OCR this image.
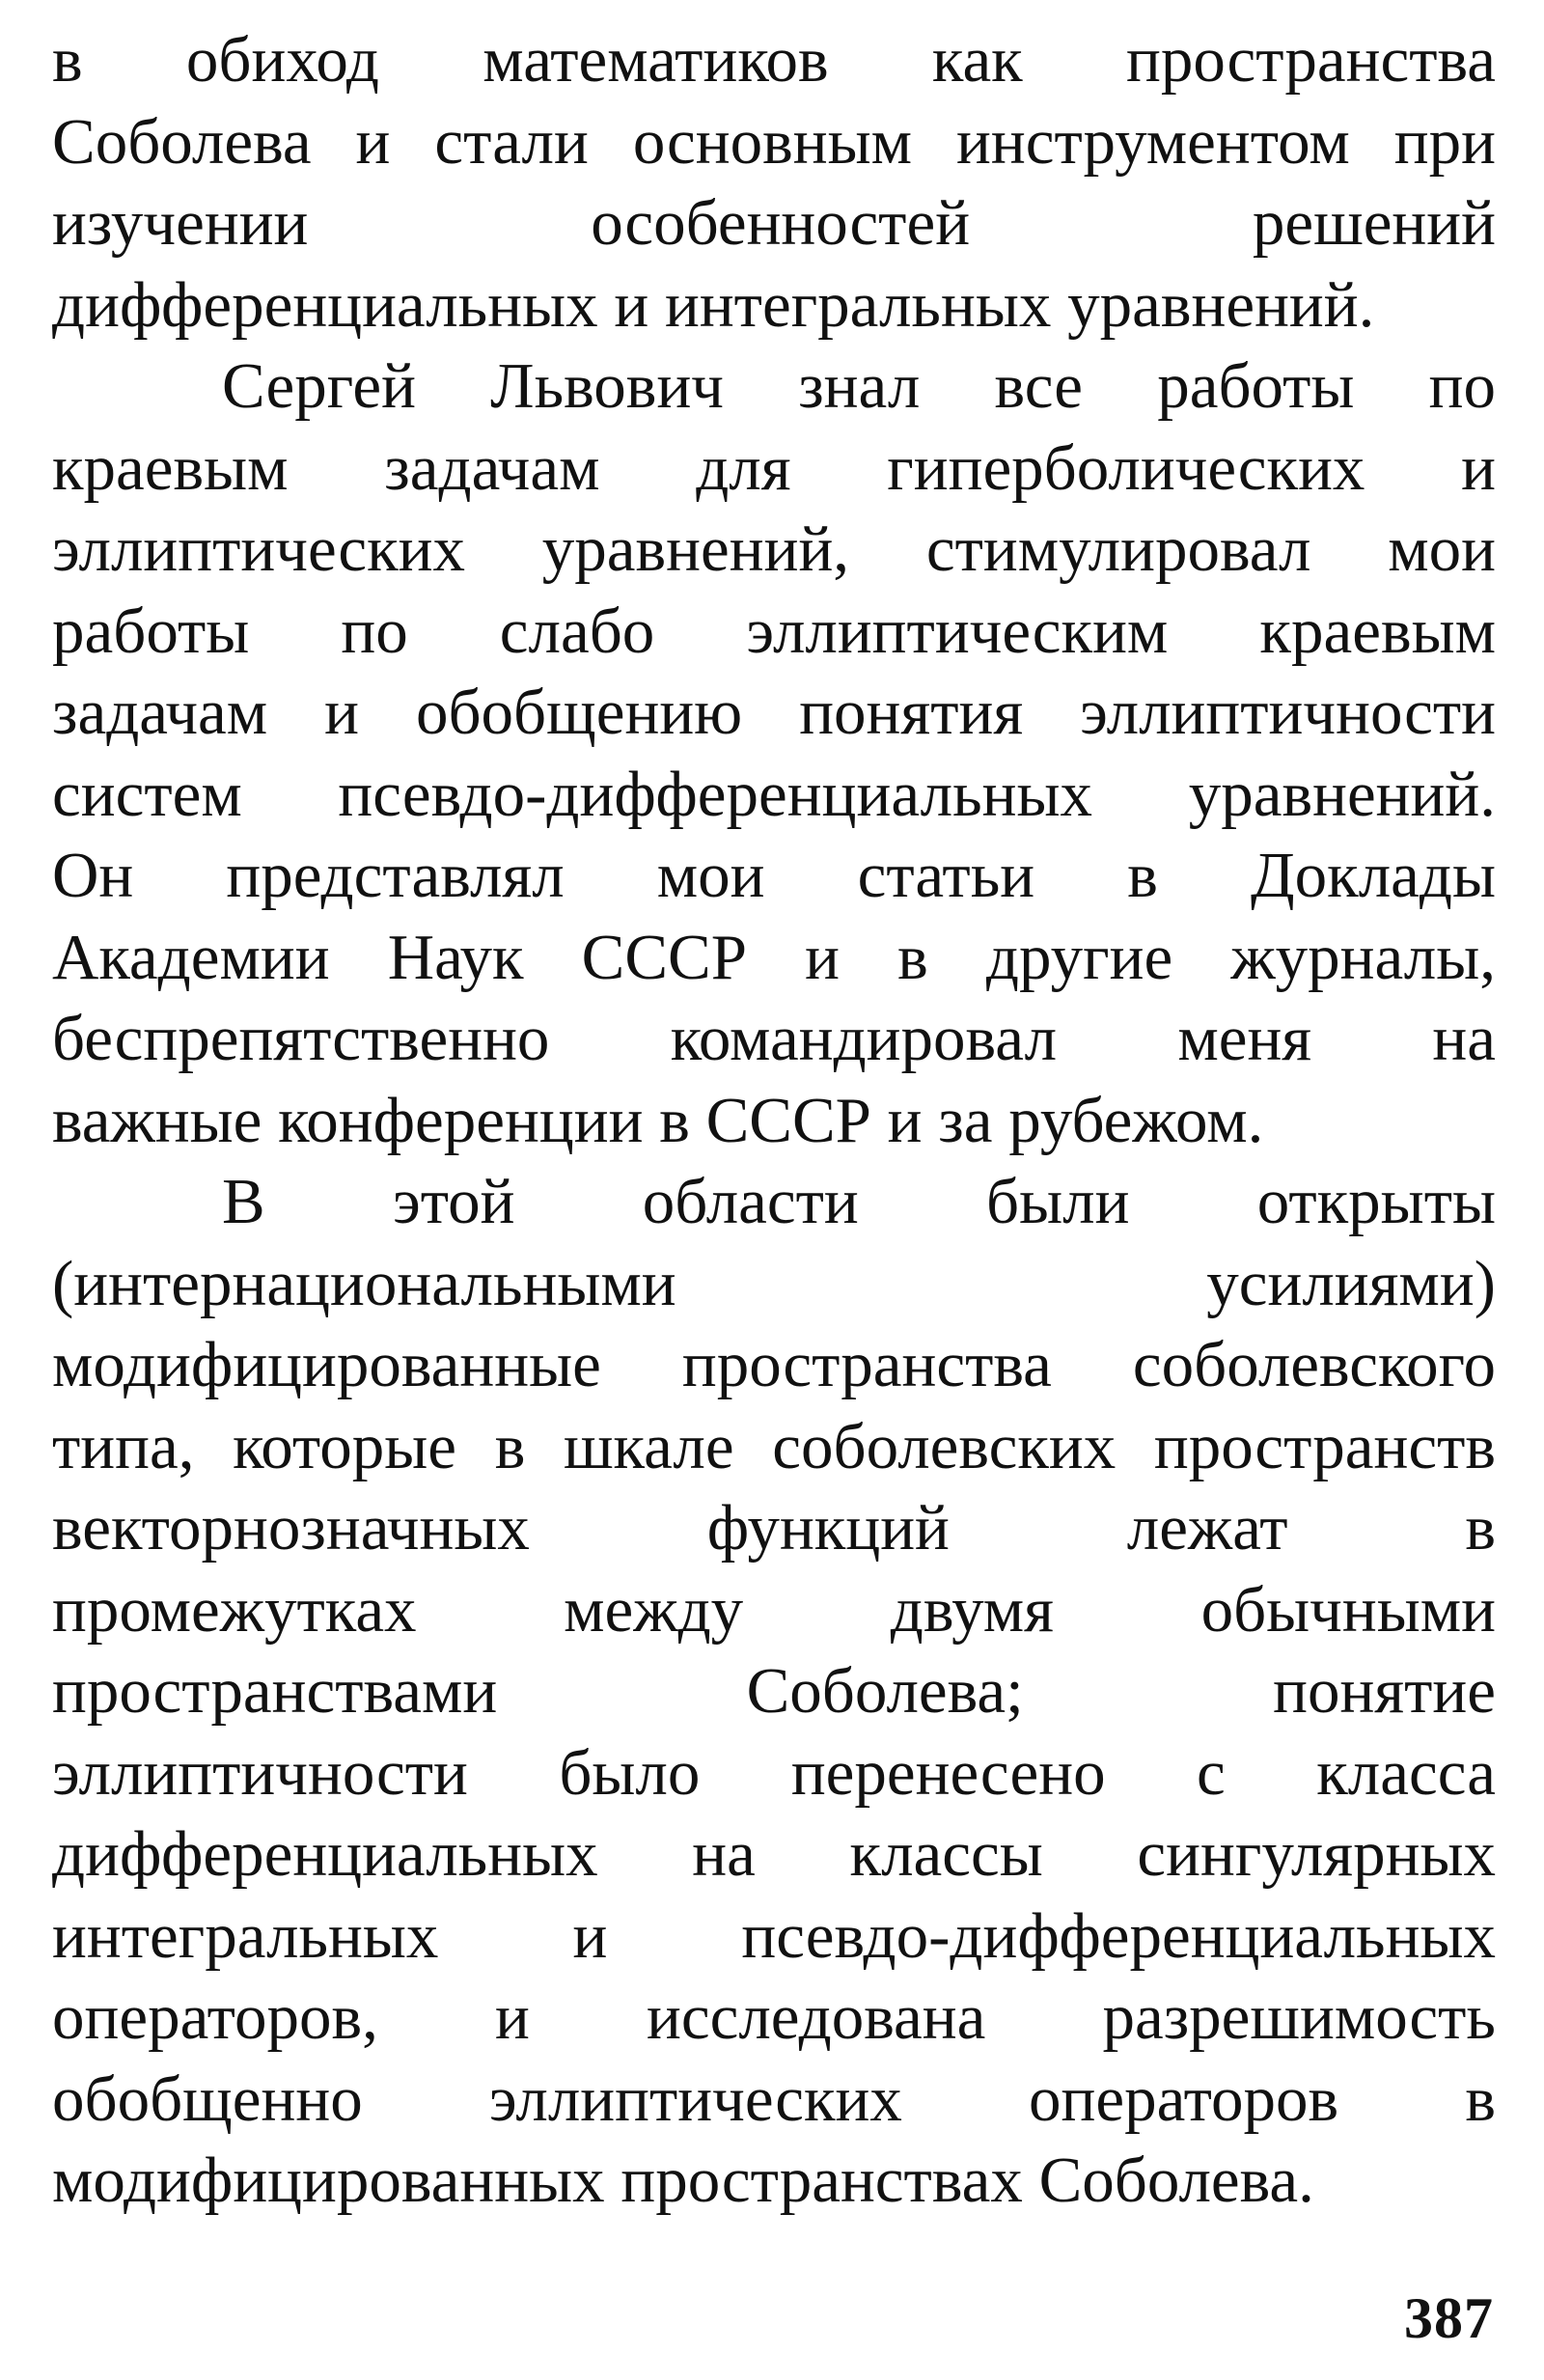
в обиход математиков как пространства
Соболева и стали основным инструментом при
изучении особенностей решений
дифференциальных и интегральных уравнений.
Сергей Львович знал все работы по
краевым задачам для гиперболических и
эллиптических уравнений, стимулировал мои
работы по слабо эллиптическим краевым
задачам и обобщению понятия эллиптичности
систем псевдо-дифференциальных уравнений.
Он представлял мои статьи в Доклады
Академии Наук СССР и в другие журналы,
беспрепятственно командировал меня на
важные конференции в СССР и за рубежом.
В этой области были открыты
(интернациональными усилиями)
модифицированные пространства соболевского
типа, которые в шкале соболевских пространств
векторнозначных функций лежат в
промежутках между двумя обычными
пространствами Соболева; понятие
эллиптичности было перенесено с класса
дифференциальных на классы сингулярных
интегральных и псевдо-дифференциальных
операторов, и исследована разрешимость
обобщенно эллиптических операторов в
модифицированных пространствах Соболева.
387
